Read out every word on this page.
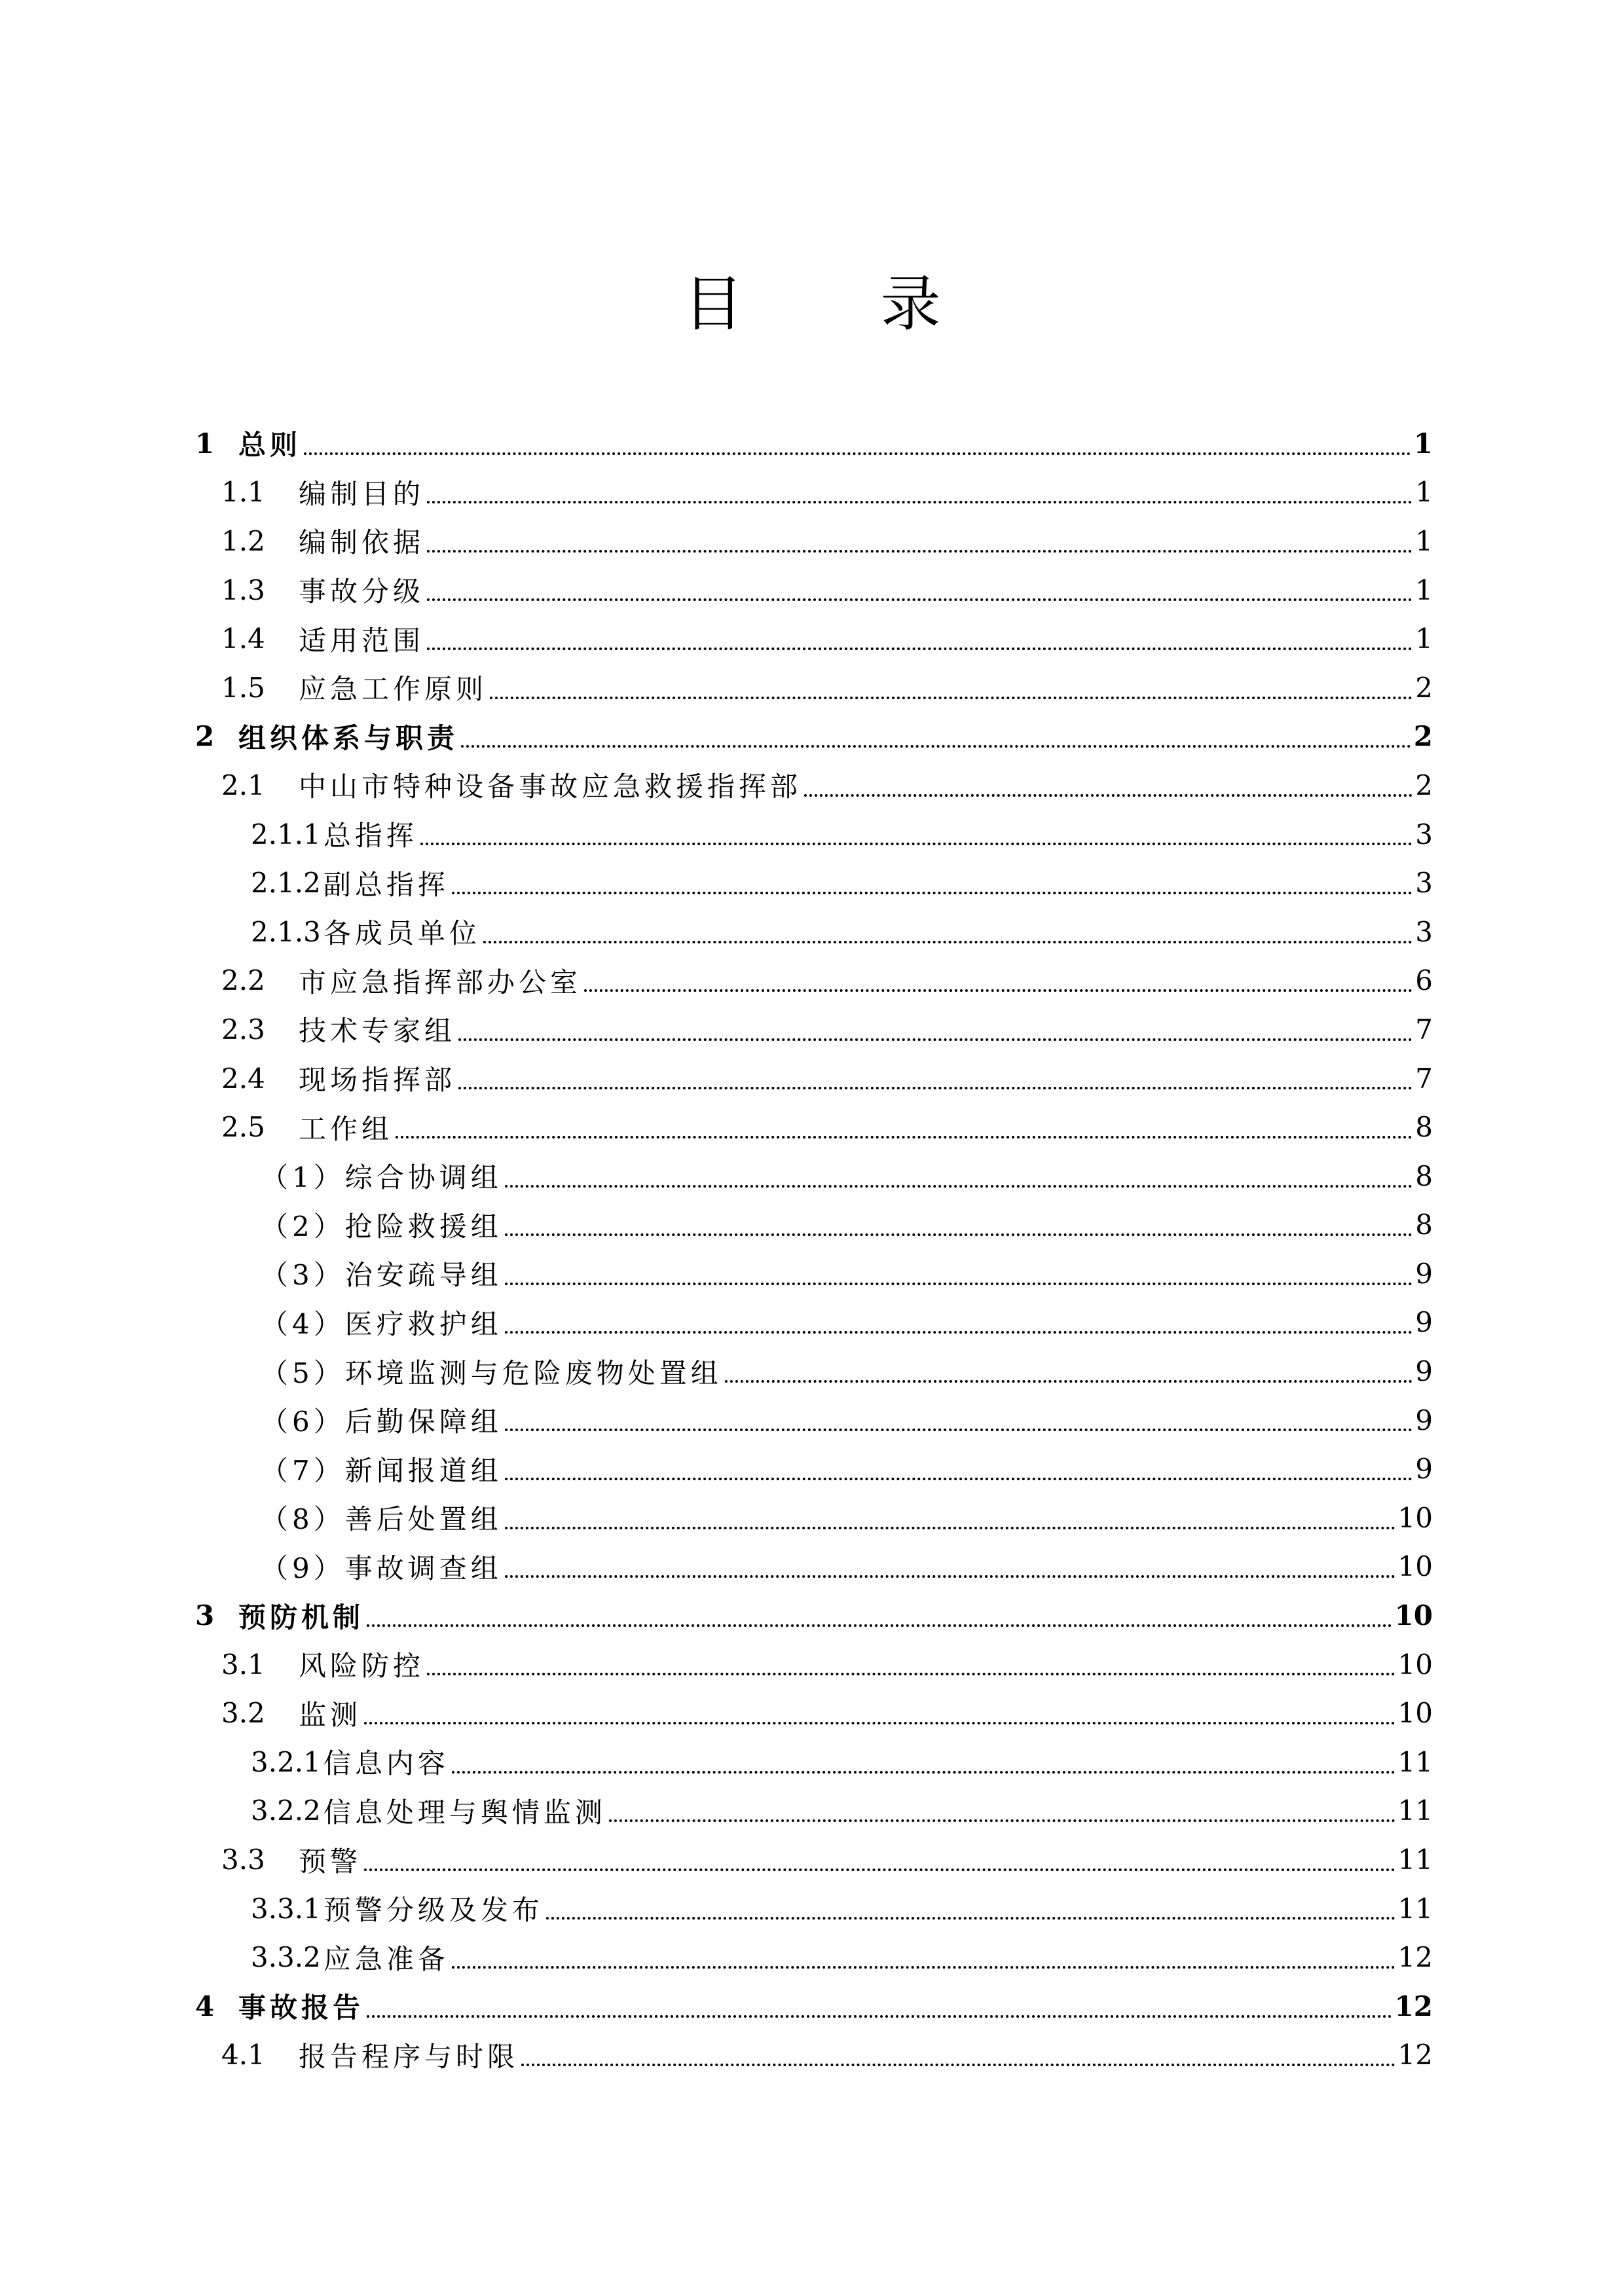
目 录
1 总则	1
1.1	编制目的	1
1.2	编制依据	1
1.3	事故分级	1
1.4	适用范围	1
1.5	应急工作原则	2
2 组织体系与职责	2
2.1	中山市特种设备事故应急救援指挥部	2
2.1.1 总指挥	3
2.1.2 副总指挥	3
2.1.3 各成员单位	3
2.2	市应急指挥部办公室	6
2.3	技术专家组	7
2.4	现场指挥部	7
2.5	工作组	8
（1）综合协调组	8
（2）抢险救援组	8
（3）治安疏导组	9
（4）医疗救护组	9
（5）环境监测与危险废物处置组	9
（6）后勤保障组	9
（7）新闻报道组	9
（8）善后处置组	10
（9）事故调查组	10
3 预防机制	10
3.1	风险防控	10
3.2	监测	10
3.2.1 信息内容	11
3.2.2 信息处理与舆情监测	11
3.3	预警	11
3.3.1 预警分级及发布	11
3.3.2 应急准备	12
4 事故报告	12
4.1	报告程序与时限	12
